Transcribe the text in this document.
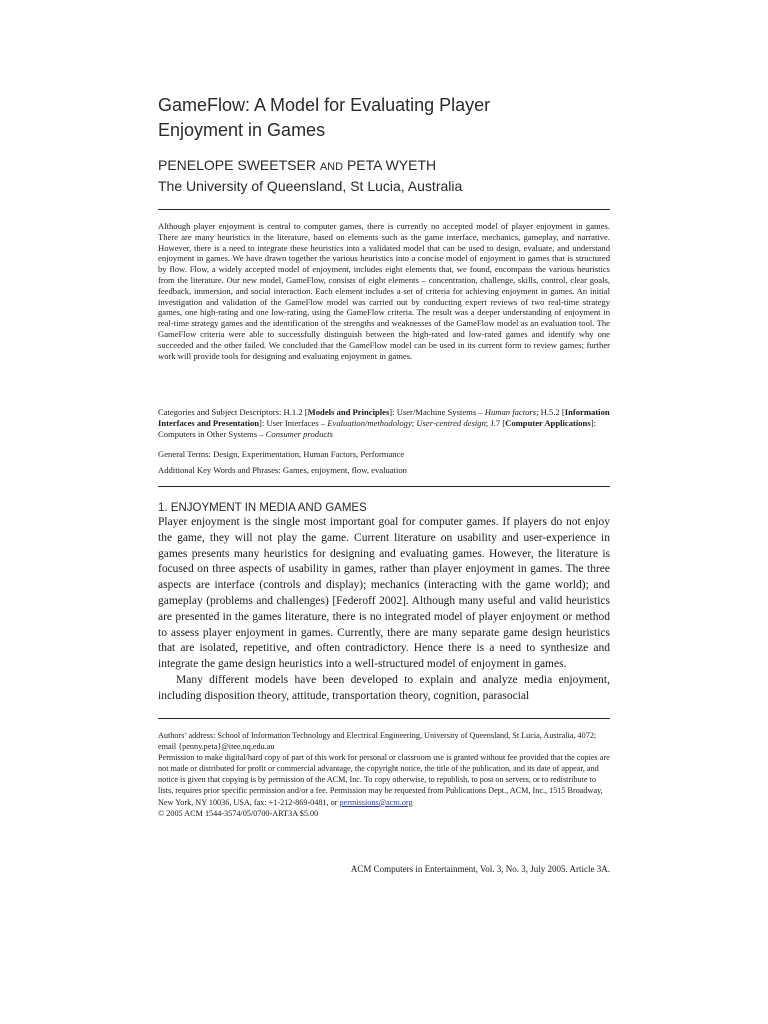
GameFlow: A Model for Evaluating Player
Enjoyment in Games
PENELOPE SWEETSER AND PETA WYETH
The University of Queensland, St Lucia, Australia

Although player enjoyment is central to computer games, there is currently no accepted model of player enjoyment in games. There are many heuristics in the literature, based on elements such as the game interface, mechanics, gameplay, and narrative. However, there is a need to integrate these heuristics into a validated model that can be used to design, evaluate, and understand enjoyment in games. We have drawn together the various heuristics into a concise model of enjoyment in games that is structured by flow. Flow, a widely accepted model of enjoyment, includes eight elements that, we found, encompass the various heuristics from the literature. Our new model, GameFlow, consists of eight elements – concentration, challenge, skills, control, clear goals, feedback, immersion, and social interaction. Each element includes a set of criteria for achieving enjoyment in games. An initial investigation and validation of the GameFlow model was carried out by conducting expert reviews of two real-time strategy games, one high-rating and one low-rating, using the GameFlow criteria. The result was a deeper understanding of enjoyment in real-time strategy games and the identification of the strengths and weaknesses of the GameFlow model as an evaluation tool. The GameFlow criteria were able to successfully distinguish between the high-rated and low-rated games and identify why one succeeded and the other failed. We concluded that the GameFlow model can be used in its current form to review games; further work will provide tools for designing and evaluating enjoyment in games.

Categories and Subject Descriptors: H.1.2 [Models and Principles]: User/Machine Systems – Human factors; H.5.2 [Information Interfaces and Presentation]: User Interfaces – Evaluation/methodology; User-centred design; J.7 [Computer Applications]: Computers in Other Systems – Consumer products

General Terms: Design, Experimentation, Human Factors, Performance

Additional Key Words and Phrases: Games, enjoyment, flow, evaluation

1. ENJOYMENT IN MEDIA AND GAMES

Player enjoyment is the single most important goal for computer games. If players do not enjoy the game, they will not play the game. Current literature on usability and user-experience in games presents many heuristics for designing and evaluating games. However, the literature is focused on three aspects of usability in games, rather than player enjoyment in games. The three aspects are interface (controls and display); mechanics (interacting with the game world); and gameplay (problems and challenges) [Federoff 2002]. Although many useful and valid heuristics are presented in the games literature, there is no integrated model of player enjoyment or method to assess player enjoyment in games. Currently, there are many separate game design heuristics that are isolated, repetitive, and often contradictory. Hence there is a need to synthesize and integrate the game design heuristics into a well-structured model of enjoyment in games.

Many different models have been developed to explain and analyze media enjoyment, including disposition theory, attitude, transportation theory, cognition, parasocial

Authors’ address: School of Information Technology and Electrical Engineering, University of Queensland, St Lucia, Australia, 4072; email {penny.peta}@itee.uq.edu.au

Permission to make digital/hard copy of part of this work for personal or classroom use is granted without fee provided that the copies are not made or distributed for profit or commercial advantage, the copyright notice, the title of the publication, and its date of appear, and notice is given that copying is by permission of the ACM, Inc. To copy otherwise, to republish, to post on servers, or to redistribute to lists, requires prior specific permission and/or a fee. Permission may be requested from Publications Dept., ACM, Inc., 1515 Broadway, New York, NY 10036, USA, fax: +1-212-869-0481, or permissions@acm.org

© 2005 ACM 1544-3574/05/0700-ART3A $5.00

ACM Computers in Entertainment, Vol. 3, No. 3, July 2005. Article 3A.
